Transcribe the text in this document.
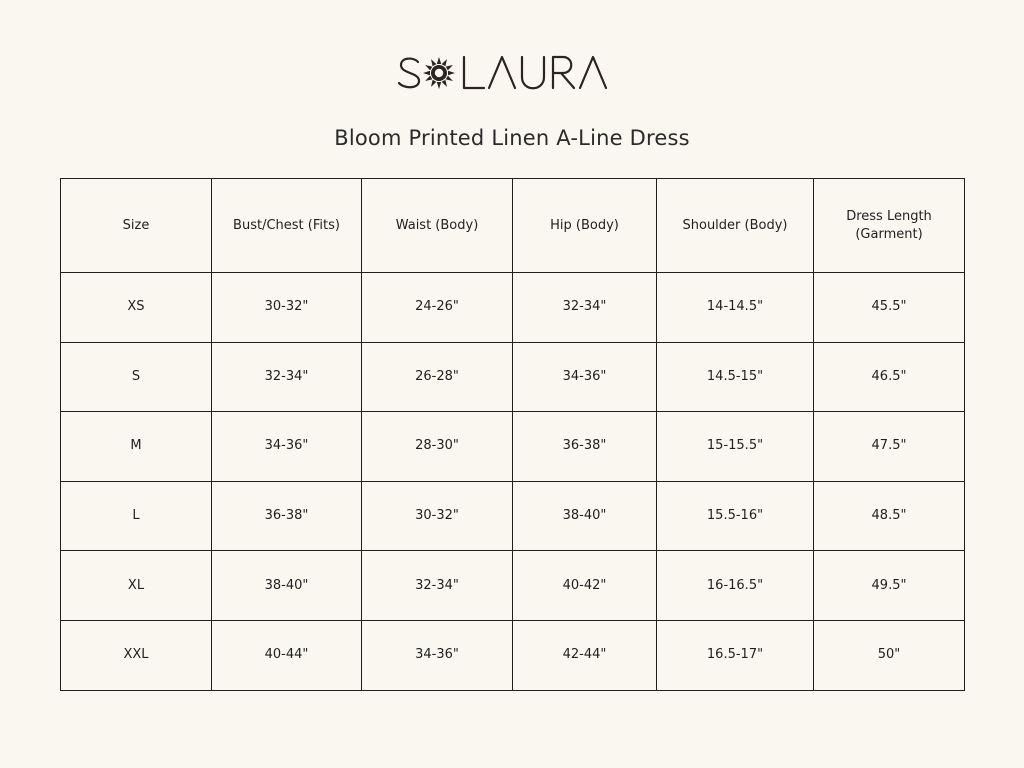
Bloom Printed Linen A-Line Dress
Size	Bust/Chest (Fits)	Waist (Body)	Hip (Body)	Shoulder (Body)	Dress Length (Garment)
XS	30-32"	24-26"	32-34"	14-14.5"	45.5"
S	32-34"	26-28"	34-36"	14.5-15"	46.5"
M	34-36"	28-30"	36-38"	15-15.5"	47.5"
L	36-38"	30-32"	38-40"	15.5-16"	48.5"
XL	38-40"	32-34"	40-42"	16-16.5"	49.5"
XXL	40-44"	34-36"	42-44"	16.5-17"	50"
